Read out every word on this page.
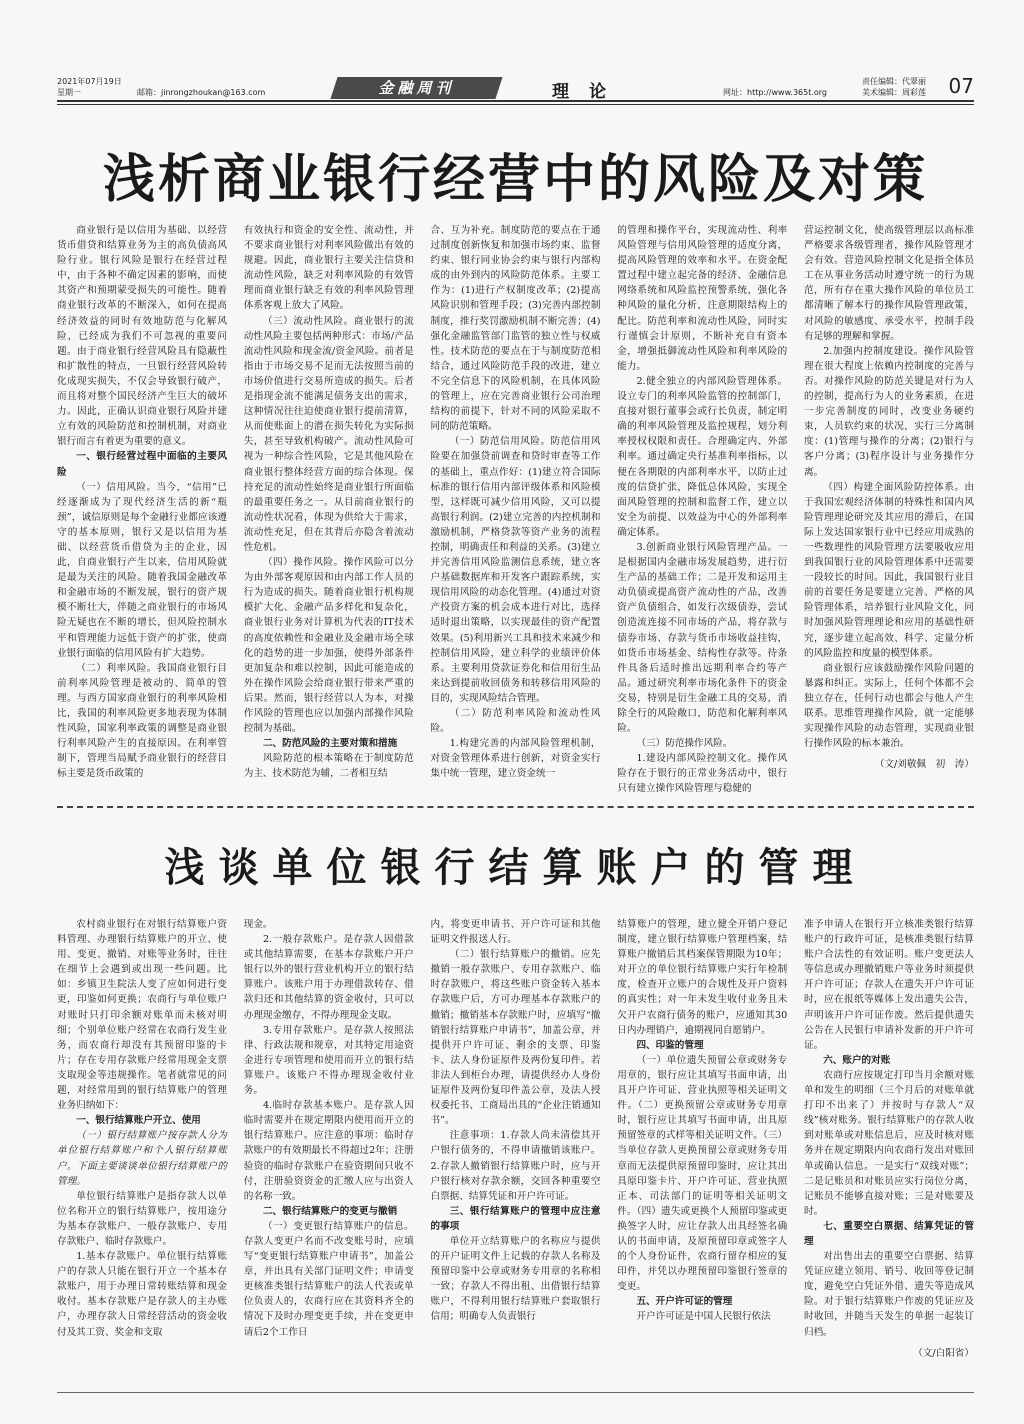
2021年07月19日
星期一	邮箱：jinrongzhoukan@163.com	网址：http://www.365t.org
责任编辑：代翠丽
美术编辑：周彩莲 07
金融周刊	理论
浅析商业银行经营中的风险及对策

商业银行是以信用为基础、以经营货币借贷和结算业务为主的高负债高风险行业。银行风险是银行在经营过程中，由于各种不确定因素的影响，而使其资产和预期蒙受损失的可能性。随着商业银行改革的不断深入，如何在提高经济效益的同时有效地防范与化解风险，已经成为我们不可忽视的重要问题。由于商业银行经营风险具有隐蔽性和扩散性的特点，一旦银行经营风险转化成现实损失，不仅会导致银行破产，而且将对整个国民经济产生巨大的破坏力。因此，正确认识商业银行风险并建立有效的风险防范和控制机制，对商业银行而言有着更为重要的意义。

一、银行经营过程中面临的主要风险

（一）信用风险。当今，“信用”已经逐渐成为了现代经济生活的新“瓶颈”，诚信原则是每个金融行业都应该遵守的基本原则，银行又是以信用为基础、以经营货币借贷为主的企业，因此，自商业银行产生以来，信用风险就是最为关注的风险。随着我国金融改革和金融市场的不断发展，银行的资产规模不断壮大，伴随之商业银行的市场风险无疑也在不断的增长，但风险控制水平和管理能力远低于资产的扩张，使商业银行面临的信用风险有扩大趋势。

（二）利率风险。我国商业银行目前利率风险管理是被动的、简单的管理。与西方国家商业银行的利率风险相比，我国的利率风险更多地表现为体制性风险，国家利率政策的调整是商业银行利率风险产生的直接原因。在利率管制下，管理当局赋予商业银行的经营目标主要是货币政策的

有效执行和资金的安全性、流动性，并不要求商业银行对利率风险做出有效的规避。因此，商业银行主要关注信贷和流动性风险，缺乏对利率风险的有效管理而商业银行缺乏有效的利率风险管理体系客观上放大了风险。

（三）流动性风险。商业银行的流动性风险主要包括两种形式：市场/产品流动性风险和现金流/资金风险。前者是指由于市场交易不足而无法按照当前的市场价值进行交易所造成的损失。后者是指现金流不能满足债务支出的需求，这种情况往往迫使商业银行提前清算，从而使账面上的潜在损失转化为实际损失，甚至导致机构破产。流动性风险可视为一种综合性风险，它是其他风险在商业银行整体经营方面的综合体现。保持充足的流动性始终是商业银行所面临的最重要任务之一。从目前商业银行的流动性状况看，体现为供给大于需求，流动性充足，但在其背后亦隐含着流动性危机。

（四）操作风险。操作风险可以分为由外部客观原因和由内部工作人员的行为造成的损失。随着商业银行机构规模扩大化、金融产品多样化和复杂化，商业银行业务对计算机为代表的IT技术的高度依赖性和金融业及金融市场全球化的趋势的进一步加强，使得外部条件更加复杂和难以控制，因此可能造成的外在操作风险会给商业银行带来严重的后果。然而，银行经营以人为本，对操作风险的管理也应以加强内部操作风险控制为基础。

二、防范风险的主要对策和措施

风险防范的根本策略在于制度防范为主、技术防范为辅，二者相互结

合、互为补充。制度防范的要点在于通过制度创新恢复和加强市场约束、监督约束、银行同业协会约束与银行内部构成的由外到内的风险防范体系。主要工作为：(1)进行产权制度改革；(2)提高风险识别和管理手段；(3)完善内部控制制度，推行奖罚激励机制不断完善；(4)强化金融监管部门监管的独立性与权威性。技术防范的要点在于与制度防范相结合，通过风险防范手段的改进，建立不完全信息下的风险机制，在具体风险的管理上，应在完善商业银行公司治理结构的前提下，针对不同的风险采取不同的防范策略。

（一）防范信用风险。防范信用风险要在加强贷前调查和贷时审查等工作的基础上，重点作好：(1)建立符合国际标准的银行信用内部评级体系和风险模型，这样既可减少信用风险，又可以提高银行利润。(2)建立完善的内控机制和激励机制，严格贷款等资产业务的流程控制，明确责任和利益的关系。(3)建立并完善信用风险监测信息系统，建立客户基础数据库和开发客户跟踪系统，实现信用风险的动态化管理。(4)通过对资产投资方案的机会成本进行对比，选择适时退出策略，以实现最佳的资产配置效果。(5)利用新兴工具和技术来减少和控制信用风险，建立科学的业绩评价体系。主要利用贷款证券化和信用衍生品来达到提前收回债务和转移信用风险的目的，实现风险结合管理。

（二）防范利率风险和流动性风险。

1.构建完善的内部风险管理机制，对资金管理体系进行创新，对资金实行集中统一管理，建立资金统一

的管理和操作平台，实现流动性、利率风险管理与信用风险管理的适度分离，提高风险管理的效率和水平。在资金配置过程中建立起完备的经济、金融信息网络系统和风险监控预警系统，强化各种风险的量化分析，注意期限结构上的配比。防范利率和流动性风险，同时实行谨慎会计原则，不断补充自有资本金，增强抵御流动性风险和利率风险的能力。

2.健全独立的内部风险管理体系。设立专门的利率风险监管的控制部门，直接对银行董事会或行长负责，制定明确的利率风险管理及监控规程，划分利率授权权限和责任。合理确定内、外部利率。通过确定央行基准利率指标，以便在各期限的内部利率水平，以防止过度的信贷扩张，降低总体风险，实现全面风险管理的控制和监督工作，建立以安全为前提、以效益为中心的外部利率确定体系。

3.创新商业银行风险管理产品。一是根据国内金融市场发展趋势，进行衍生产品的基础工作；二是开发和运用主动负债或提高资产流动性的产品，改善资产负债组合，如发行次级债券，尝试创造流连接不同市场的产品，将存款与债券市场、存款与货币市场收益挂钩，如货币市场基金、结构性存款等。待条件具备后适时推出远期利率合约等产品。通过研究利率市场化条件下的资金交易，特别是衍生金融工具的交易，消除全行的风险敞口，防范和化解利率风险。

（三）防范操作风险。

1.建设内部风险控制文化。操作风险存在于银行的正常业务活动中，银行只有建立操作风险管理与稳健的

营运控制文化，使高级管理层以高标准严格要求各级管理者，操作风险管理才会有效。营造风险控制文化是指全体员工在从事业务活动时遵守统一的行为规范，所有存在重大操作风险的单位员工都清晰了解本行的操作风险管理政策，对风险的敏感度、承受水平，控制手段有足够的理解和掌握。

2.加强内控制度建设。操作风险管理在很大程度上依赖内控制度的完善与否。对操作风险的防范关键是对行为人的控制，提高行为人的业务素质，在进一步完善制度的同时，改变业务硬约束，人员软约束的状况，实行三分离制度：(1)管理与操作的分离；(2)银行与客户分离；(3)程序设计与业务操作分离。

（四）构建全面风险防控体系。由于我国宏观经济体制的特殊性和国内风险管理理论研究及其应用的滞后，在国际上发达国家银行业中已经应用成熟的一些数理性的风险管理方法要吸收应用到我国银行业的风险管理体系中还需要一段较长的时间。因此，我国银行业目前的首要任务是要建立完善、严格的风险管理体系，培养银行业风险文化，同时加强风险管理理论和应用的基础性研究，逐步建立起高效、科学、定量分析的风险监控和度量的模型体系。

商业银行应该鼓励操作风险问题的暴露和纠正。实际上，任何个体都不会独立存在，任何行动也都会与他人产生联系。思维管理操作风险，就一定能够实现操作风险的动态管理，实现商业银行操作风险的标本兼治。

（文/刘敬佩　初　涛）

浅谈单位银行结算账户的管理

农村商业银行在对银行结算账户资料管理、办理银行结算账户的开立、使用、变更、撤销、对账等业务时，往往在细节上会遇到或出现一些问题。比如：乡镇卫生院法人变了应如何进行变更，印鉴如何更换；农商行与单位账户对账时只打印余额对账单而未核对明细；个别单位账户经常在农商行发生业务，而农商行却没有其预留印鉴的卡片；存在专用存款账户经常用现金支票支取现金等违规操作。笔者就常见的问题，对经常用到的银行结算账户的管理业务归纳如下：

一、银行结算账户开立、使用

（一）银行结算账户按存款人分为单位银行结算账户和个人银行结算账户。下面主要谈谈单位银行结算账户的管理。

单位银行结算账户是指存款人以单位名称开立的银行结算账户，按用途分为基本存款账户、一般存款账户、专用存款账户、临时存款账户。

1.基本存款账户。单位银行结算账户的存款人只能在银行开立一个基本存款账户，用于办理日常转账结算和现金收付。基本存款账户是存款人的主办账户，办理存款人日常经营活动的资金收付及其工资、奖金和支取

现金。

2.一般存款账户。是存款人因借款或其他结算需要，在基本存款账户开户银行以外的银行营业机构开立的银行结算账户。该账户用于办理借款转存、借款归还和其他结算的资金收付，只可以办理现金缴存，不得办理现金支取。

3.专用存款账户。是存款人按照法律、行政法规和规章，对其特定用途资金进行专项管理和使用而开立的银行结算账户。该账户不得办理现金收付业务。

4.临时存款基本账户。是存款人因临时需要并在规定期限内使用而开立的银行结算账户。应注意的事项：临时存款账户的有效期最长不得超过2年；注册验资的临时存款账户在验资期间只收不付，注册验资资金的汇缴人应与出资人的名称一致。

二、银行结算账户的变更与撤销

（一）变更银行结算账户的信息。存款人变更户名而不改变账号时，应填写“变更银行结算账户申请书”，加盖公章，并出具有关部门证明文件；申请变更核准类银行结算账户的法人代表或单位负责人的，农商行应在其资料齐全的情况下及时办理变更手续，并在变更申请后2个工作日

内，将变更申请书、开户许可证和其他证明文件报送人行。

（二）银行结算账户的撤销。应先撤销一般存款账户、专用存款账户、临时存款账户，将这些账户资金转入基本存款账户后，方可办理基本存款账户的撤销；撤销基本存款账户时，应填写“撤销银行结算账户申请书”，加盖公章，并提供开户许可证、剩余的支票、印鉴卡、法人身份证原件及两份复印件。若非法人到柜台办理，请提供经办人身份证原件及两份复印件盖公章，及法人授权委托书、工商局出具的“企业注销通知书”。

注意事项：1.存款人尚未清偿其开户银行债务的，不得申请撤销该账户。2.存款人撤销银行结算账户时，应与开户银行核对存款余额，交回各种重要空白票据、结算凭证和开户许可证。

三、银行结算账户的管理中应注意的事项

单位开立结算账户的名称应与提供的开户证明文件上记载的存款人名称及预留印鉴中公章或财务专用章的名称相一致；存款人不得出租、出借银行结算账户，不得利用银行结算账户套取银行信用；明确专人负责银行

结算账户的管理，建立健全开销户登记制度，建立银行结算账户管理档案，结算账户撤销后其档案保管期限为10年；对开立的单位银行结算账户实行年检制度，检查开立账户的合规性及开户资料的真实性；对一年未发生收付业务且未欠开户农商行债务的账户，应通知其30日内办理销户，逾期视同自愿销户。

四、印鉴的管理

（一）单位遗失预留公章或财务专用章的，银行应让其填写书面申请，出具开户许可证、营业执照等相关证明文件。（二）更换预留公章或财务专用章时，银行应让其填写书面申请，出具原预留签章的式样等相关证明文件。（三）当单位存款人更换预留公章或财务专用章而无法提供原预留印鉴时，应让其出具原印鉴卡片、开户许可证、营业执照正本、司法部门的证明等相关证明文件。（四）遗失或更换个人预留印鉴或更换签字人时，应让存款人出具经签名确认的书面申请，及原预留印章或签字人的个人身份证件，农商行留存相应的复印件，并凭以办理预留印鉴银行签章的变更。

五、开户许可证的管理

开户许可证是中国人民银行依法

准予申请人在银行开立核准类银行结算账户的行政许可证，是核准类银行结算账户合法性的有效证明。账户变更法人等信息或办理撤销账户等业务时须提供开户许可证；存款人在遗失开户许可证时，应在报纸等媒体上发出遗失公告，声明该开户许可证作废。然后提供遗失公告在人民银行申请补发新的开户许可证。

六、账户的对账

农商行应按规定打印当月余额对账单和发生的明细（三个月后的对账单就打印不出来了）并按时与存款人“双线”核对账务。银行结算账户的存款人收到对账单或对账信息后，应及时核对账务并在规定期限内向农商行发出对账回单或确认信息。一是实行“双线对账”；二是记账员和对账员应实行岗位分离，记账员不能够直接对账；三是对账要及时。

七、重要空白票据、结算凭证的管理

对出售出去的重要空白票据、结算凭证应建立领用、销号、收回等登记制度，避免空白凭证外借、遗失等造成风险。对于银行结算账户作废的凭证应及时收回，并随当天发生的单据一起装订归档。

（文/白阳省）
